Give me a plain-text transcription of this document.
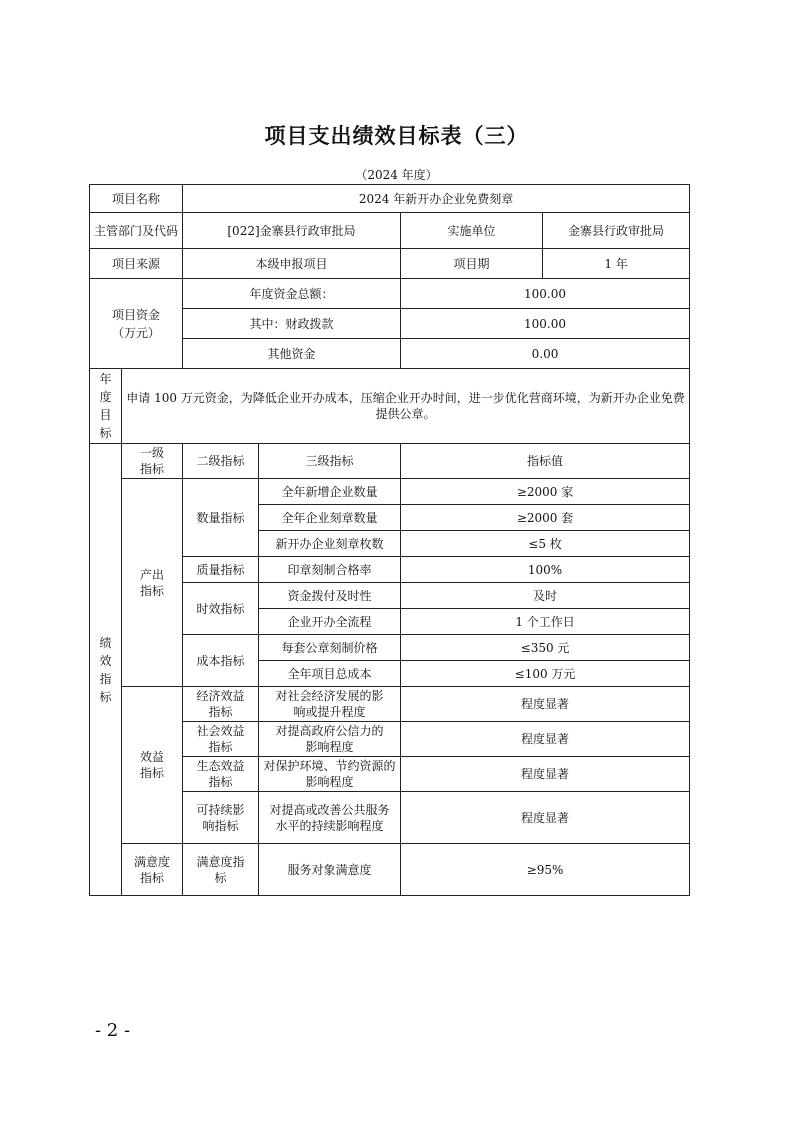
项目支出绩效目标表（三）
（2024 年度）
项目名称		2024 年新开办企业免费刻章			
主管部门及代码		[022]金寨县行政审批局		实施单位	金寨县行政审批局
项目来源		本级申报项目		项目期	1 年

项目资金（万元）		年度资金总额：		100.00	
		其中：财政拨款		100.00	
		其他资金		0.00	
年度目标	申请 100 万元资金，为降低企业开办成本，压缩企业开办时间，进一步优化营商环境，为新开办企业免费提供公章。				
绩效指标	一级指标	二级指标	三级指标	指标值	

	产出指标	数量指标	全年新增企业数量	≥2000 家	
			全年企业刻章数量	≥2000 套	
			新开办企业刻章枚数	≤5 枚	
		质量指标	印章刻制合格率	100%	
		时效指标	资金拨付及时性	及时	
			企业开办全流程	1 个工作日	
		成本指标	每套公章刻制价格	≤350 元	
			全年项目总成本	≤100 万元	

	效益指标	经济效益指标	对社会经济发展的影响或提升程度	程度显著	

		社会效益指标	对提高政府公信力的影响程度	程度显著	

		生态效益指标	对保护环境、节约资源的影响程度	程度显著	

		可持续影响指标	对提高或改善公共服务水平的持续影响程度	程度显著	

	满意度指标	满意度指标	服务对象满意度	≥95%	
- 2 -
